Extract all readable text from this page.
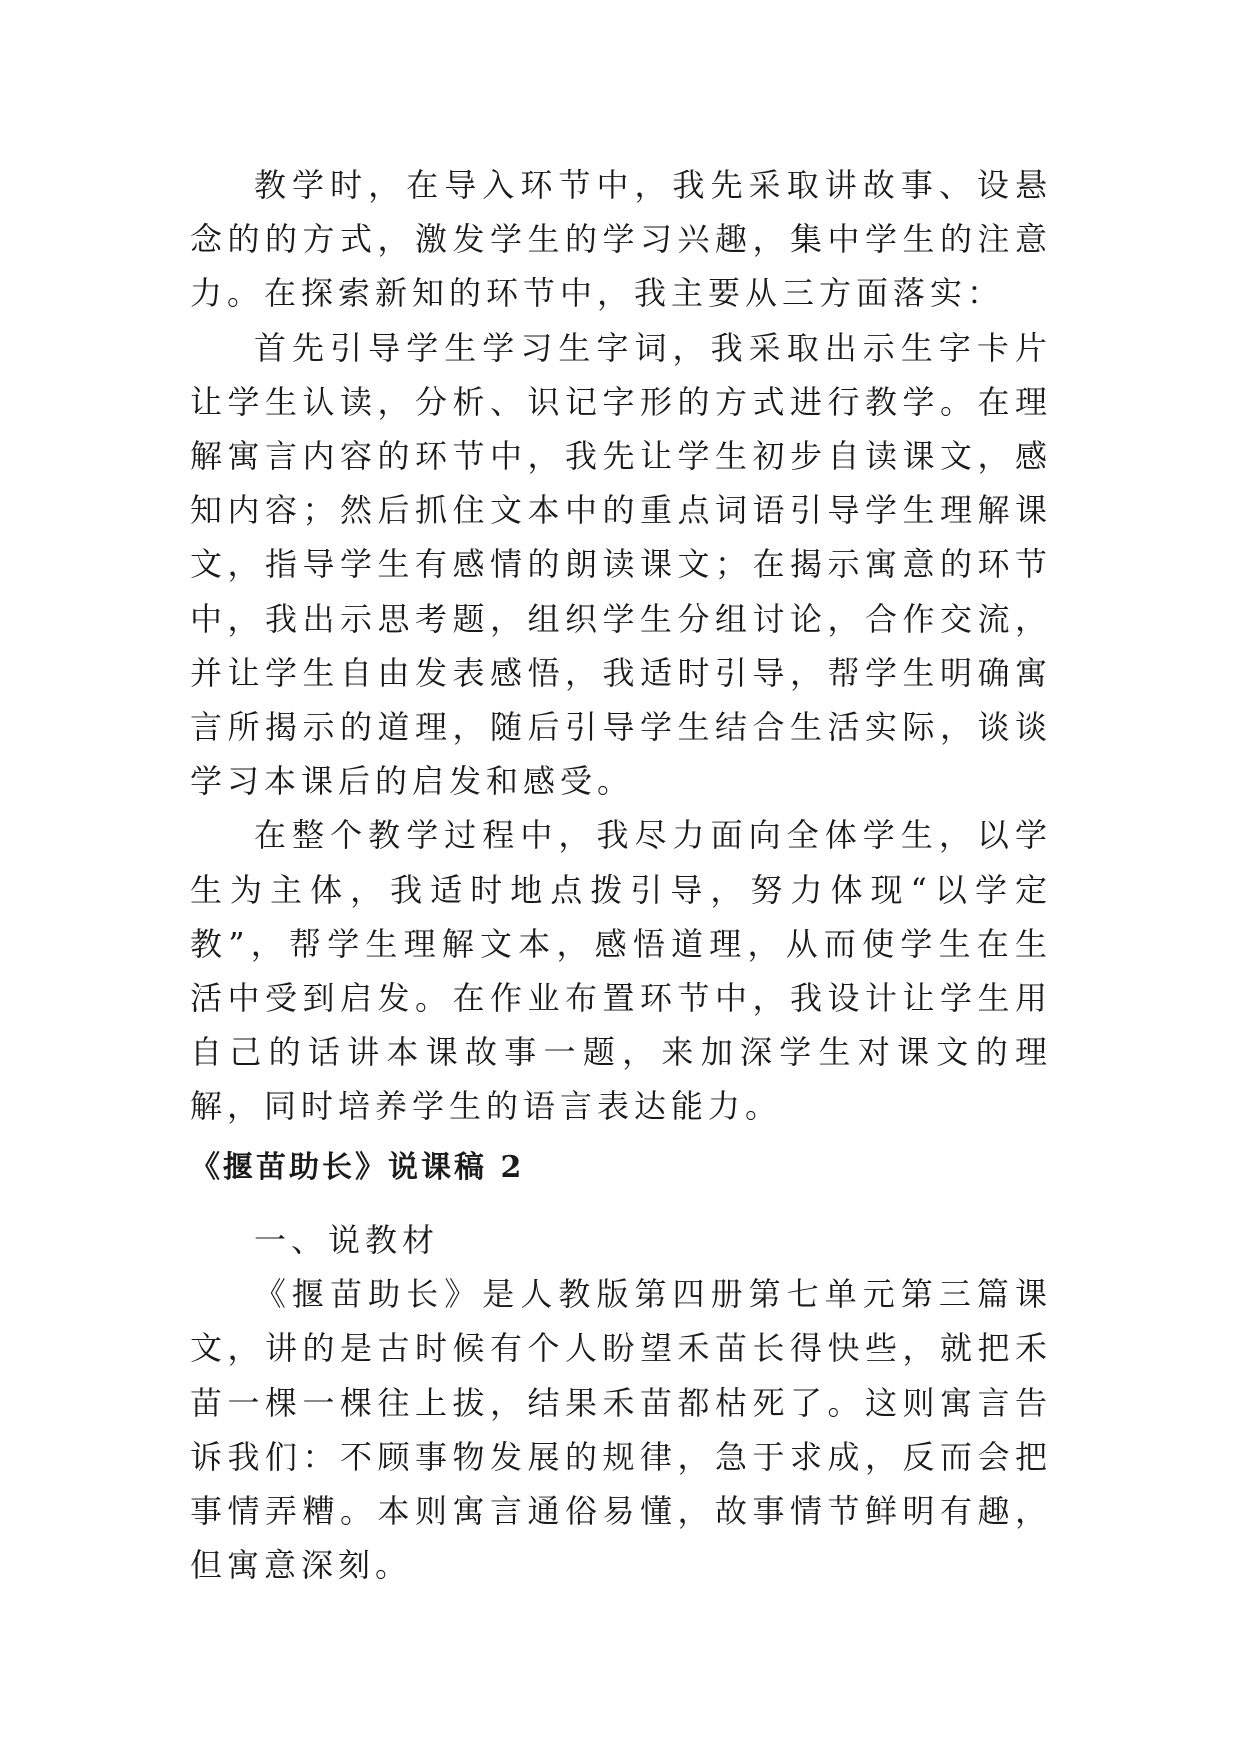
教学时，在导入环节中，我先采取讲故事、设悬念的的方式，激发学生的学习兴趣，集中学生的注意力。在探索新知的环节中，我主要从三方面落实：

首先引导学生学习生字词，我采取出示生字卡片让学生认读，分析、识记字形的方式进行教学。在理解寓言内容的环节中，我先让学生初步自读课文，感知内容；然后抓住文本中的重点词语引导学生理解课文，指导学生有感情的朗读课文；在揭示寓意的环节中，我出示思考题，组织学生分组讨论，合作交流，并让学生自由发表感悟，我适时引导，帮学生明确寓言所揭示的道理，随后引导学生结合生活实际，谈谈学习本课后的启发和感受。

在整个教学过程中，我尽力面向全体学生，以学生为主体，我适时地点拨引导，努力体现“以学定教”，帮学生理解文本，感悟道理，从而使学生在生活中受到启发。在作业布置环节中，我设计让学生用自己的话讲本课故事一题，来加深学生对课文的理解，同时培养学生的语言表达能力。

《揠苗助长》说课稿 2

一、说教材

《揠苗助长》是人教版第四册第七单元第三篇课文，讲的是古时候有个人盼望禾苗长得快些，就把禾苗一棵一棵往上拔，结果禾苗都枯死了。这则寓言告诉我们：不顾事物发展的规律，急于求成，反而会把事情弄糟。本则寓言通俗易懂，故事情节鲜明有趣，但寓意深刻。
